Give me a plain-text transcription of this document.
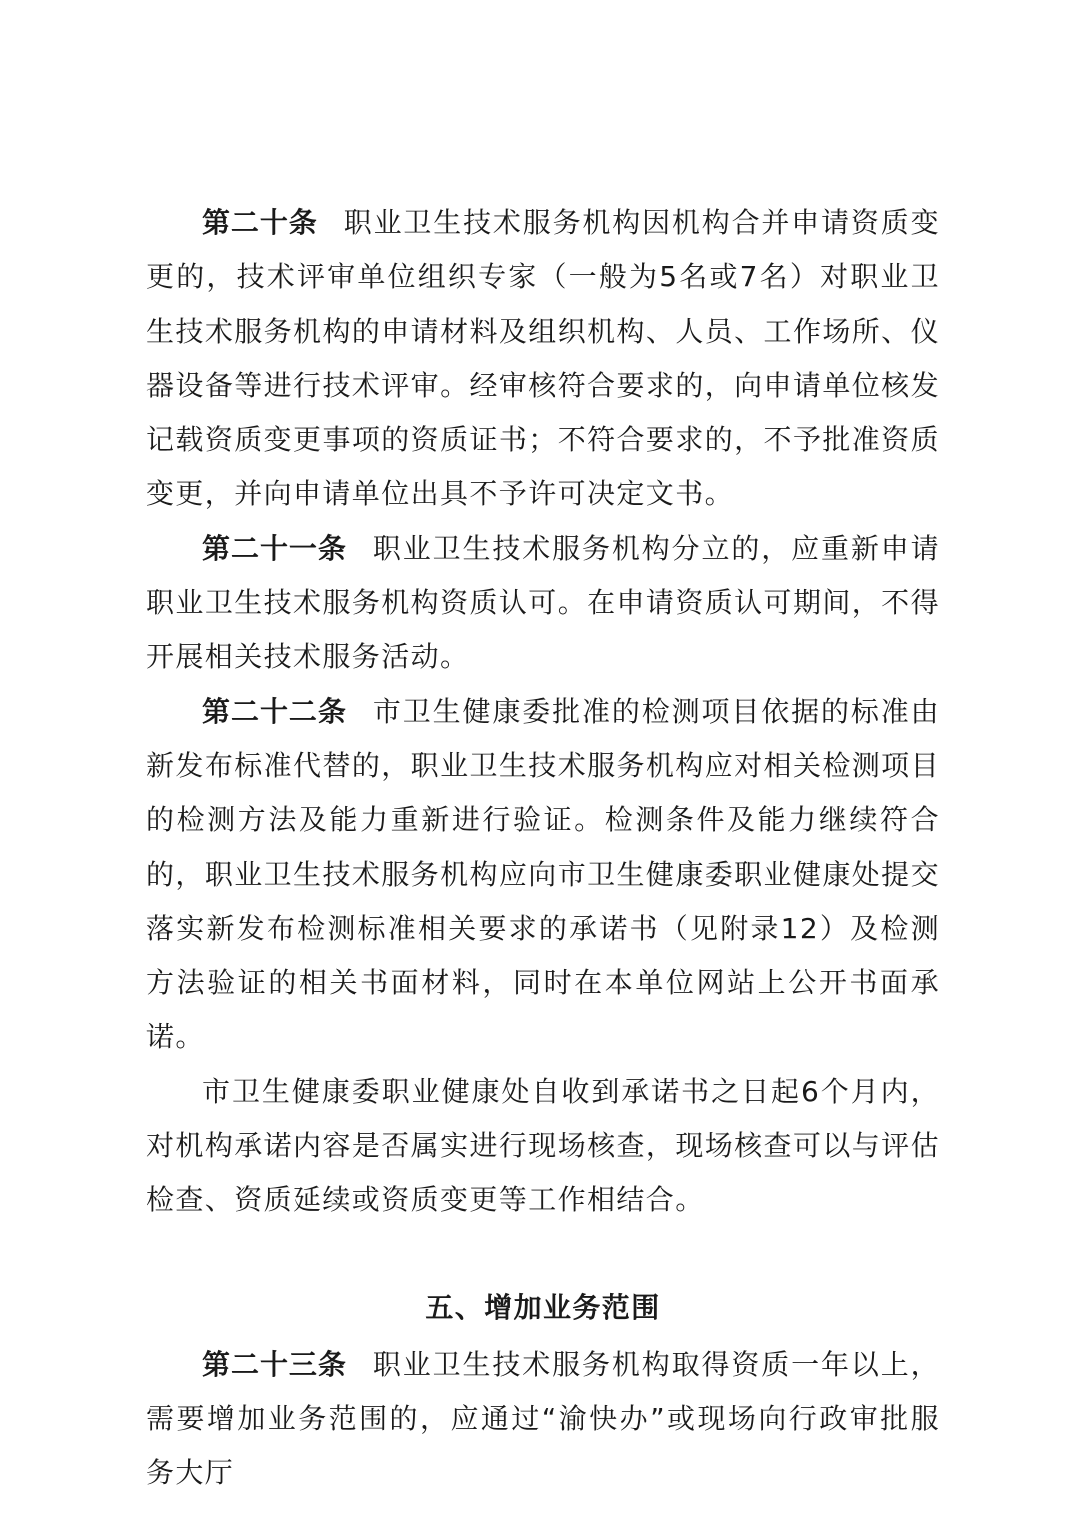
第二十条 职业卫生技术服务机构因机构合并申请资质变更的，技术评审单位组织专家（一般为5名或7名）对职业卫生技术服务机构的申请材料及组织机构、人员、工作场所、仪器设备等进行技术评审。经审核符合要求的，向申请单位核发记载资质变更事项的资质证书；不符合要求的，不予批准资质变更，并向申请单位出具不予许可决定文书。

第二十一条 职业卫生技术服务机构分立的，应重新申请职业卫生技术服务机构资质认可。在申请资质认可期间，不得开展相关技术服务活动。

第二十二条 市卫生健康委批准的检测项目依据的标准由新发布标准代替的，职业卫生技术服务机构应对相关检测项目的检测方法及能力重新进行验证。检测条件及能力继续符合的，职业卫生技术服务机构应向市卫生健康委职业健康处提交落实新发布检测标准相关要求的承诺书（见附录12）及检测方法验证的相关书面材料，同时在本单位网站上公开书面承诺。

市卫生健康委职业健康处自收到承诺书之日起6个月内，对机构承诺内容是否属实进行现场核查，现场核查可以与评估检查、资质延续或资质变更等工作相结合。

五、增加业务范围

第二十三条 职业卫生技术服务机构取得资质一年以上，需要增加业务范围的，应通过“渝快办”或现场向行政审批服务大厅
